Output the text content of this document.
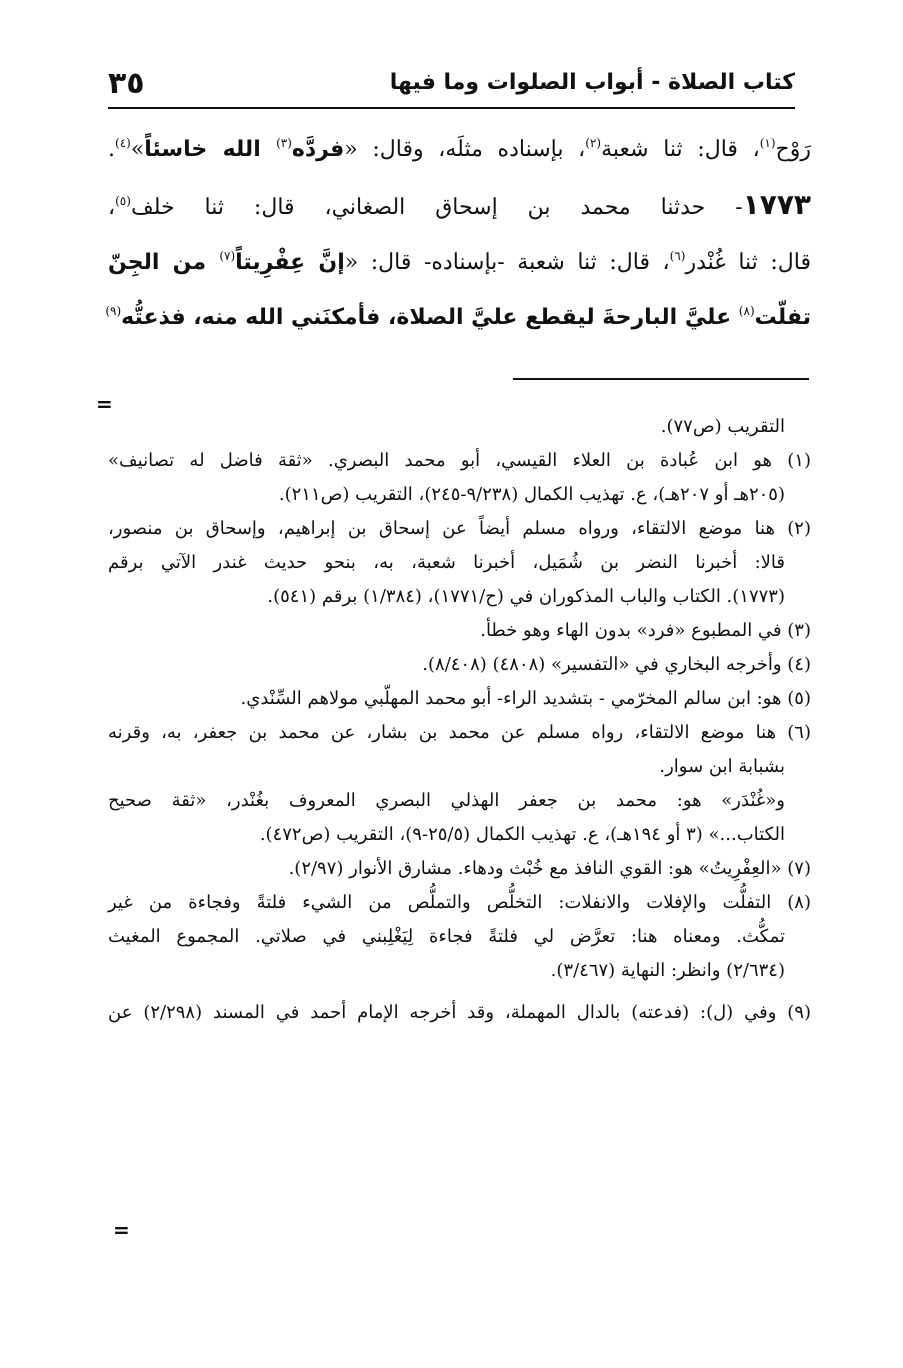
كتاب الصلاة - أبواب الصلوات وما فيها
٣٥

رَوْح$^{(١)}$، قال: ثنا شعبة$^{(٢)}$، بإسناده مثلَه، وقال: «فردَّه$^{(٣)}$ الله خاسئاً»$^{(٤)}$.

١٧٧٣- حدثنا محمد بن إسحاق الصغاني، قال: ثنا خلف$^{(٥)}$،

قال: ثنا غُنْدر$^{(٦)}$، قال: ثنا شعبة -بإسناده- قال: «إنَّ عِفْرِيتاً$^{(٧)}$ من الجِنّ

تفلّت$^{(٨)}$ عليَّ البارحةَ ليقطع عليَّ الصلاة، فأمكنَني الله منه، فذعتُّه$^{(٩)}$

=

التقريب (ص٧٧).

(١) هو ابن عُبادة بن العلاء القيسي، أبو محمد البصري. «ثقة فاضل له تصانيف»

(٢٠٥هـ أو ٢٠٧هـ)، ع. تهذيب الكمال (٩/٢٣٨-٢٤٥)، التقريب (ص٢١١).

(٢) هنا موضع الالتقاء، ورواه مسلم أيضاً عن إسحاق بن إبراهيم، وإسحاق بن منصور،

قالا: أخبرنا النضر بن شُمَيل، أخبرنا شعبة، به، بنحو حديث غندر الآتي برقم

(١٧٧٣). الكتاب والباب المذكوران في (ح/١٧٧١)، (١/٣٨٤) برقم (٥٤١).

(٣) في المطبوع «فرد» بدون الهاء وهو خطأ.

(٤) وأخرجه البخاري في «التفسير» (٤٨٠٨) (٨/٤٠٨).

(٥) هو: ابن سالم المخرّمي - بتشديد الراء- أبو محمد المهلّبي مولاهم السِّنْدي.

(٦) هنا موضع الالتقاء، رواه مسلم عن محمد بن بشار، عن محمد بن جعفر، به، وقرنه

بشبابة ابن سوار.

و«غُنْدَر» هو: محمد بن جعفر الهذلي البصري المعروف بغُنْدر، «ثقة صحيح

الكتاب...» (٣ أو ١٩٤هـ)، ع. تهذيب الكمال (٢٥/٥-٩)، التقريب (ص٤٧٢).

(٧) «العِفْرِيتُ» هو: القوي النافذ مع خُبْث ودهاء. مشارق الأنوار (٢/٩٧).

(٨) التفلُّت والإفلات والانفلات: التخلُّص والتملُّص من الشيء فلتةً وفجاءة من غير

تمكُّث. ومعناه هنا: تعرَّض لي فلتةً فجاءة لِيَغْلِبني في صلاتي. المجموع المغيث

(٢/٦٣٤) وانظر: النهاية (٣/٤٦٧).

(٩) وفي (ل): (فدعته) بالدال المهملة، وقد أخرجه الإمام أحمد في المسند (٢/٢٩٨) عن

=
